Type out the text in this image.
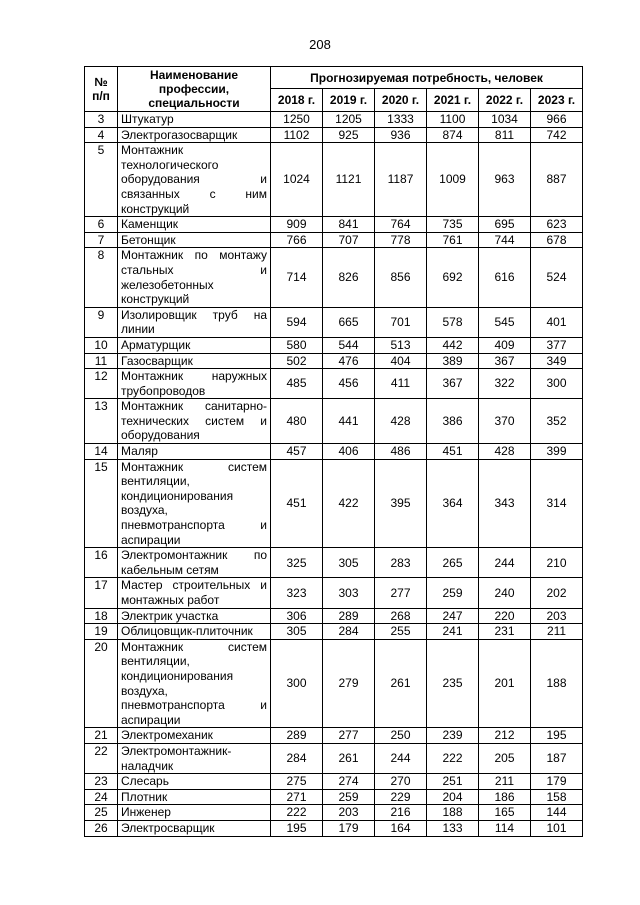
208
№ п/п	Наименование профессии, специальности	Прогнозируемая потребность, человек					
		2018 г.	2019 г.	2020 г.	2021 г.	2022 г.	2023 г.
3	Штукатур	1250	1205	1333	1100	1034	966
4	Электрогазосварщик	1102	925	936	874	811	742
5	Монтажник технологического оборудования и связанных с ним конструкций	1024	1121	1187	1009	963	887
6	Каменщик	909	841	764	735	695	623
7	Бетонщик	766	707	778	761	744	678
8	Монтажник по монтажу стальных и железобетонных конструкций	714	826	856	692	616	524
9	Изолировщик труб на линии	594	665	701	578	545	401
10	Арматурщик	580	544	513	442	409	377
11	Газосварщик	502	476	404	389	367	349
12	Монтажник наружных трубопроводов	485	456	411	367	322	300
13	Монтажник санитарно-технических систем и оборудования	480	441	428	386	370	352
14	Маляр	457	406	486	451	428	399
15	Монтажник систем вентиляции, кондиционирования воздуха, пневмотранспорта и аспирации	451	422	395	364	343	314
16	Электромонтажник по кабельным сетям	325	305	283	265	244	210
17	Мастер строительных и монтажных работ	323	303	277	259	240	202
18	Электрик участка	306	289	268	247	220	203
19	Облицовщик-плиточник	305	284	255	241	231	211
20	Монтажник систем вентиляции, кондиционирования воздуха, пневмотранспорта и аспирации	300	279	261	235	201	188
21	Электромеханик	289	277	250	239	212	195
22	Электромонтажник-наладчик	284	261	244	222	205	187
23	Слесарь	275	274	270	251	211	179
24	Плотник	271	259	229	204	186	158
25	Инженер	222	203	216	188	165	144
26	Электросварщик	195	179	164	133	114	101
